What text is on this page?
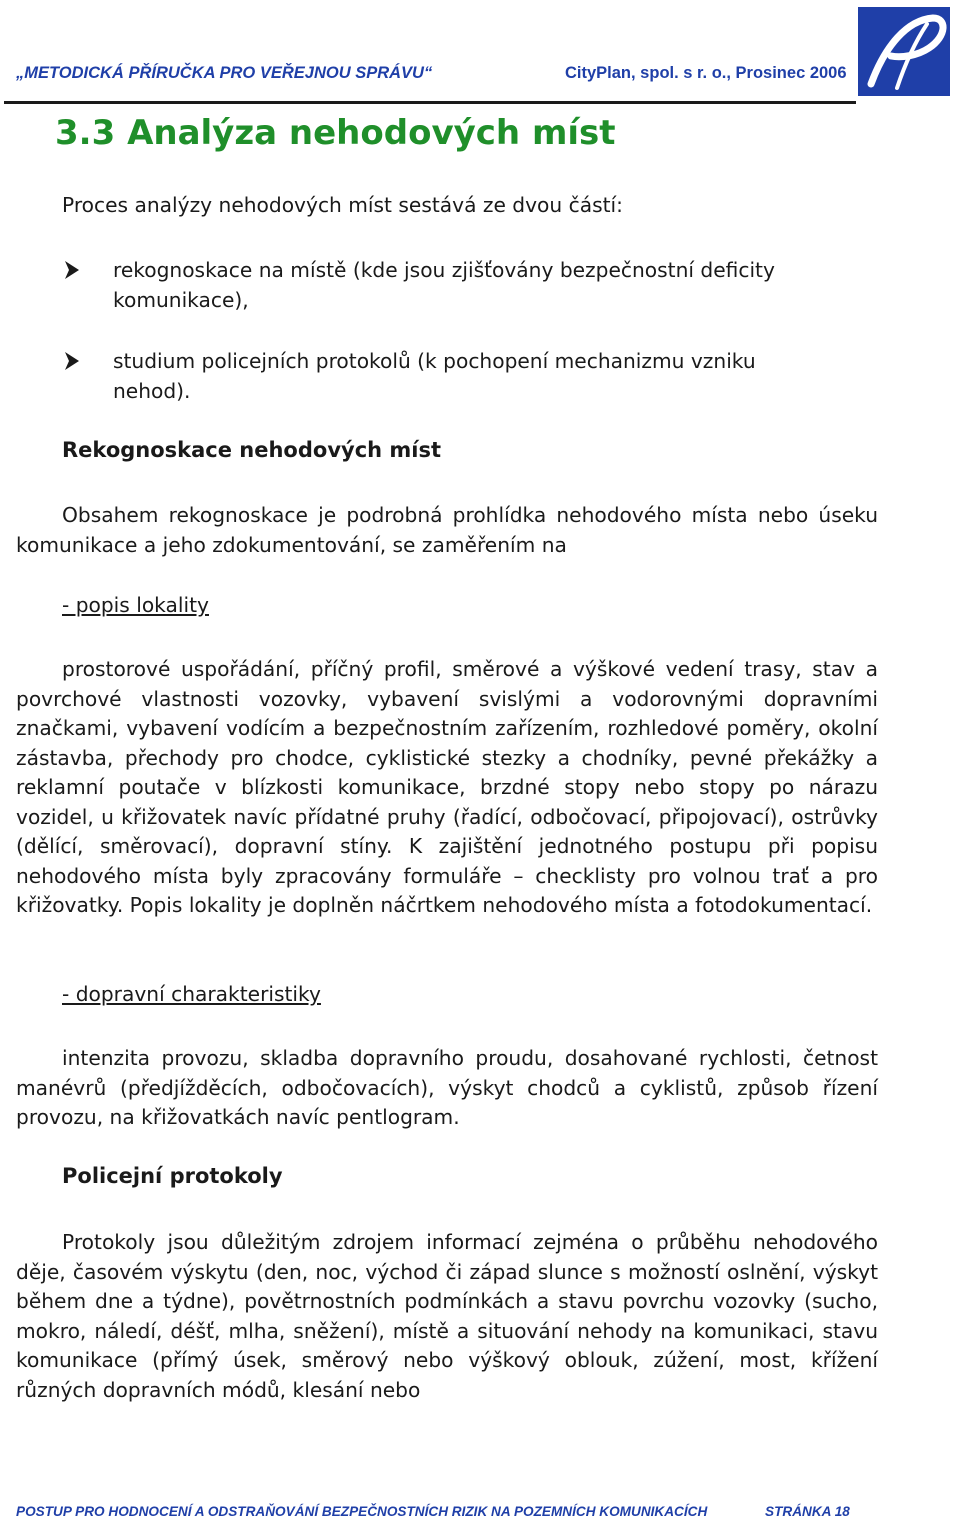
„METODICKÁ PŘÍRUČKA PRO VEŘEJNOU SPRÁVU“	CityPlan, spol. s r. o., Prosinec 2006
3.3 Analýza nehodových míst

Proces analýzy nehodových míst sestává ze dvou částí:

rekognoskace na místě (kde jsou zjišťovány bezpečnostní deficity
komunikace),
studium policejních protokolů (k pochopení mechanizmu vzniku
nehod).
Rekognoskace nehodových míst

Obsahem rekognoskace je podrobná prohlídka nehodového místa nebo úseku komunikace a jeho zdokumentování, se zaměřením na

- popis lokality

prostorové uspořádání, příčný profil, směrové a výškové vedení trasy, stav a povrchové vlastnosti vozovky, vybavení svislými a vodorovnými dopravními značkami, vybavení vodícím a bezpečnostním zařízením, rozhledové poměry, okolní zástavba, přechody pro chodce, cyklistické stezky a chodníky, pevné překážky a reklamní poutače v blízkosti komunikace, brzdné stopy nebo stopy po nárazu vozidel, u křižovatek navíc přídatné pruhy (řadící, odbočovací, připojovací), ostrůvky (dělící, směrovací), dopravní stíny. K zajištění jednotného postupu při popisu nehodového místa byly zpracovány formuláře – checklisty pro volnou trať a pro křižovatky. Popis lokality je doplněn náčrtkem nehodového místa a fotodokumentací.

- dopravní charakteristiky

intenzita provozu, skladba dopravního proudu, dosahované rychlosti, četnost manévrů (předjížděcích, odbočovacích), výskyt chodců a cyklistů, způsob řízení provozu, na křižovatkách navíc pentlogram.

Policejní protokoly

Protokoly jsou důležitým zdrojem informací zejména o průběhu nehodového děje, časovém výskytu (den, noc, východ či západ slunce s možností oslnění, výskyt během dne a týdne), povětrnostních podmínkách a stavu povrchu vozovky (sucho, mokro, náledí, déšť, mlha, sněžení), místě a situování nehody na komunikaci, stavu komunikace (přímý úsek, směrový nebo výškový oblouk, zúžení, most, křížení různých dopravních módů, klesání nebo

POSTUP PRO HODNOCENÍ A ODSTRAŇOVÁNÍ BEZPEČNOSTNÍCH RIZIK NA POZEMNÍCH KOMUNIKACÍCH	STRÁNKA 18
